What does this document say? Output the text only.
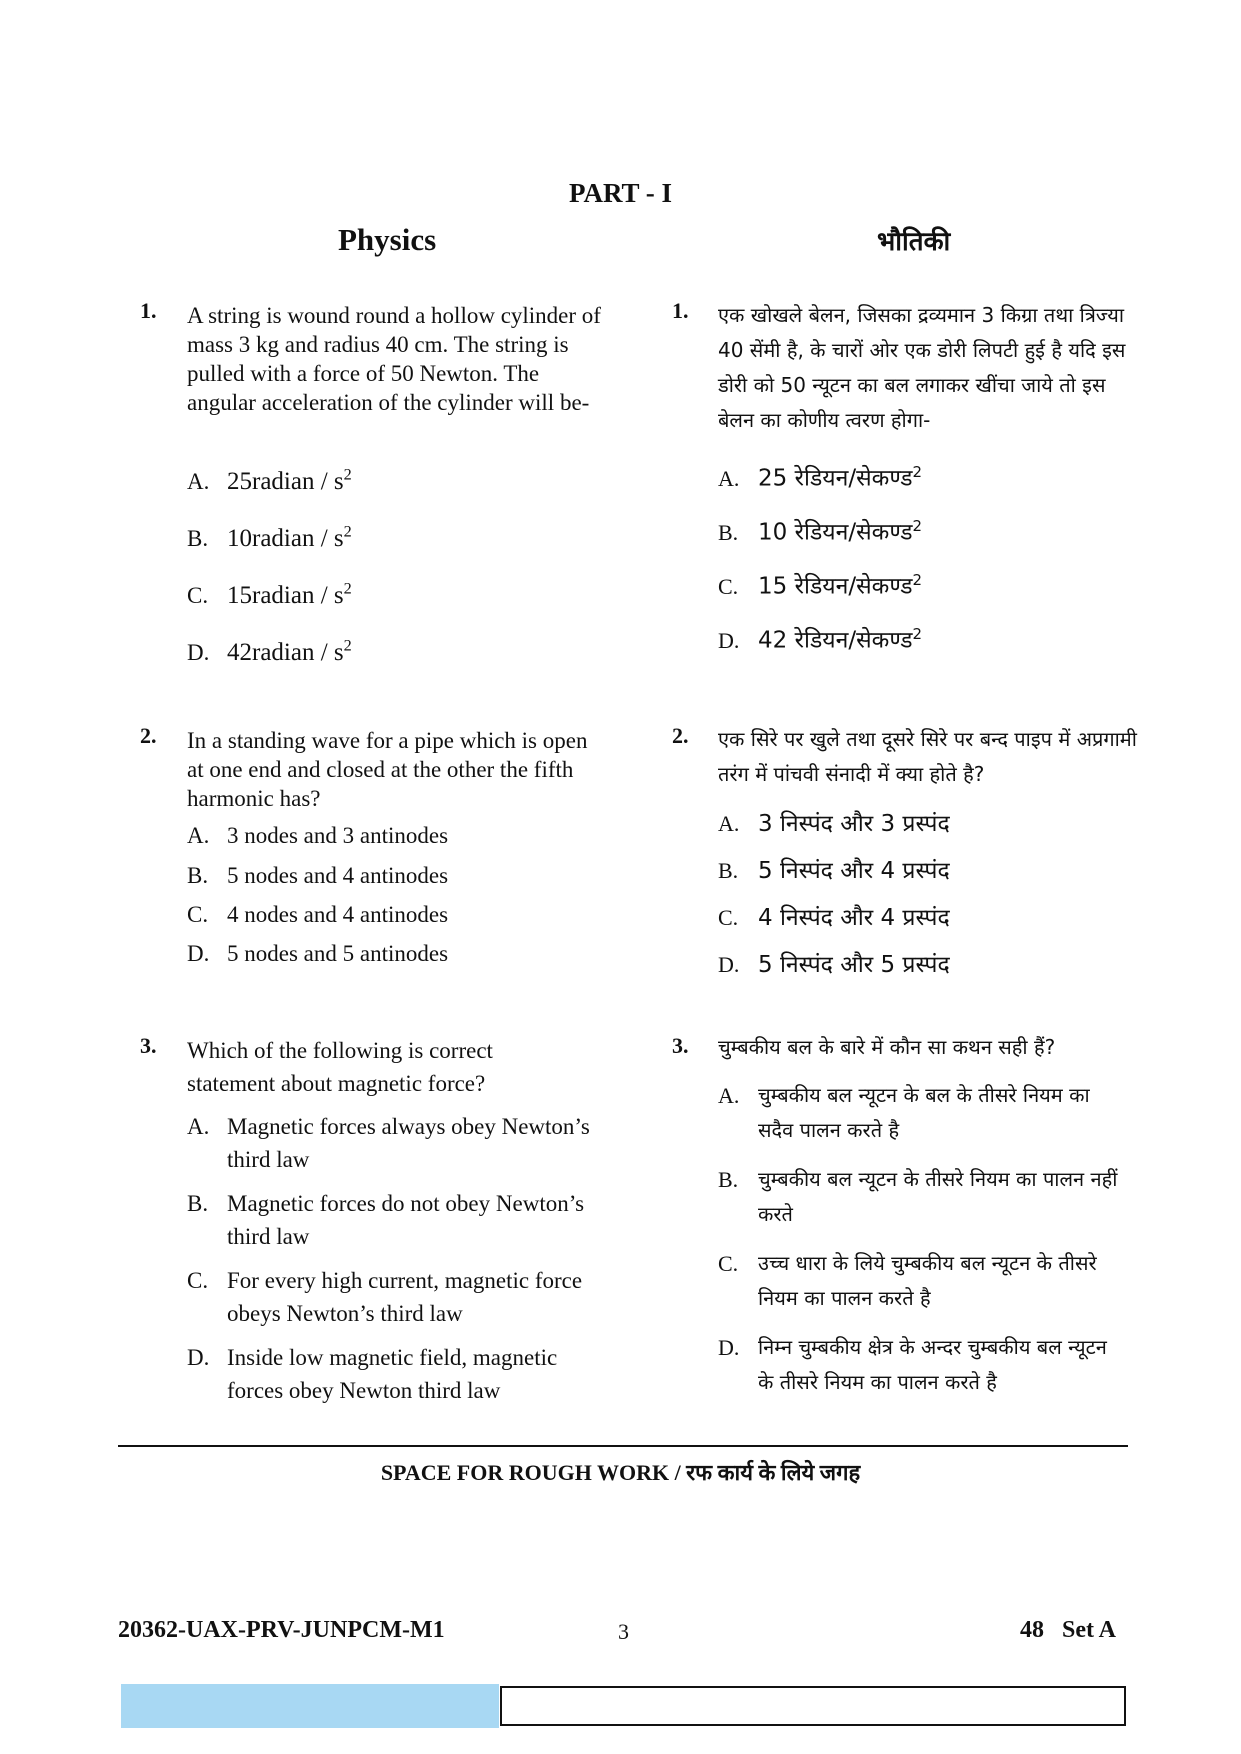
PART - I
Physics	भौतिकी
1. A string is wound round a hollow cylinder of mass 3 kg and radius 40 cm. The string is pulled with a force of 50 Newton. The angular acceleration of the cylinder will be-
A. 25radian / $s^2$
B. 10radian / $s^2$
C. 15radian / $s^2$
D. 42radian / $s^2$
1. एक खोखले बेलन, जिसका द्रव्यमान 3 किग्रा तथा त्रिज्या 40 सेंमी है, के चारों ओर एक डोरी लिपटी हुई है यदि इस डोरी को 50 न्यूटन का बल लगाकर खींचा जाये तो इस बेलन का कोणीय त्वरण होगा-
A. 25 रेडियन/सेकण्ड$^2$
B. 10 रेडियन/सेकण्ड$^2$
C. 15 रेडियन/सेकण्ड$^2$
D. 42 रेडियन/सेकण्ड$^2$
2. In a standing wave for a pipe which is open at one end and closed at the other the fifth harmonic has?
A. 3 nodes and 3 antinodes
B. 5 nodes and 4 antinodes
C. 4 nodes and 4 antinodes
D. 5 nodes and 5 antinodes
2. एक सिरे पर खुले तथा दूसरे सिरे पर बन्द पाइप में अप्रगामी तरंग में पांचवी संनादी में क्या होते है?
A. 3 निस्पंद और 3 प्रस्पंद
B. 5 निस्पंद और 4 प्रस्पंद
C. 4 निस्पंद और 4 प्रस्पंद
D. 5 निस्पंद और 5 प्रस्पंद
3. Which of the following is correct statement about magnetic force?
A. Magnetic forces always obey Newton’s third law
B. Magnetic forces do not obey Newton’s third law
C. For every high current, magnetic force obeys Newton’s third law
D. Inside low magnetic field, magnetic forces obey Newton third law
3. चुम्बकीय बल के बारे में कौन सा कथन सही हैं?
A. चुम्बकीय बल न्यूटन के बल के तीसरे नियम का सदैव पालन करते है
B. चुम्बकीय बल न्यूटन के तीसरे नियम का पालन नहीं करते
C. उच्च धारा के लिये चुम्बकीय बल न्यूटन के तीसरे नियम का पालन करते है
D. निम्न चुम्बकीय क्षेत्र के अन्दर चुम्बकीय बल न्यूटन के तीसरे नियम का पालन करते है
SPACE FOR ROUGH WORK / रफ कार्य के लिये जगह
20362-UAX-PRV-JUNPCM-M1	3	48   Set A
